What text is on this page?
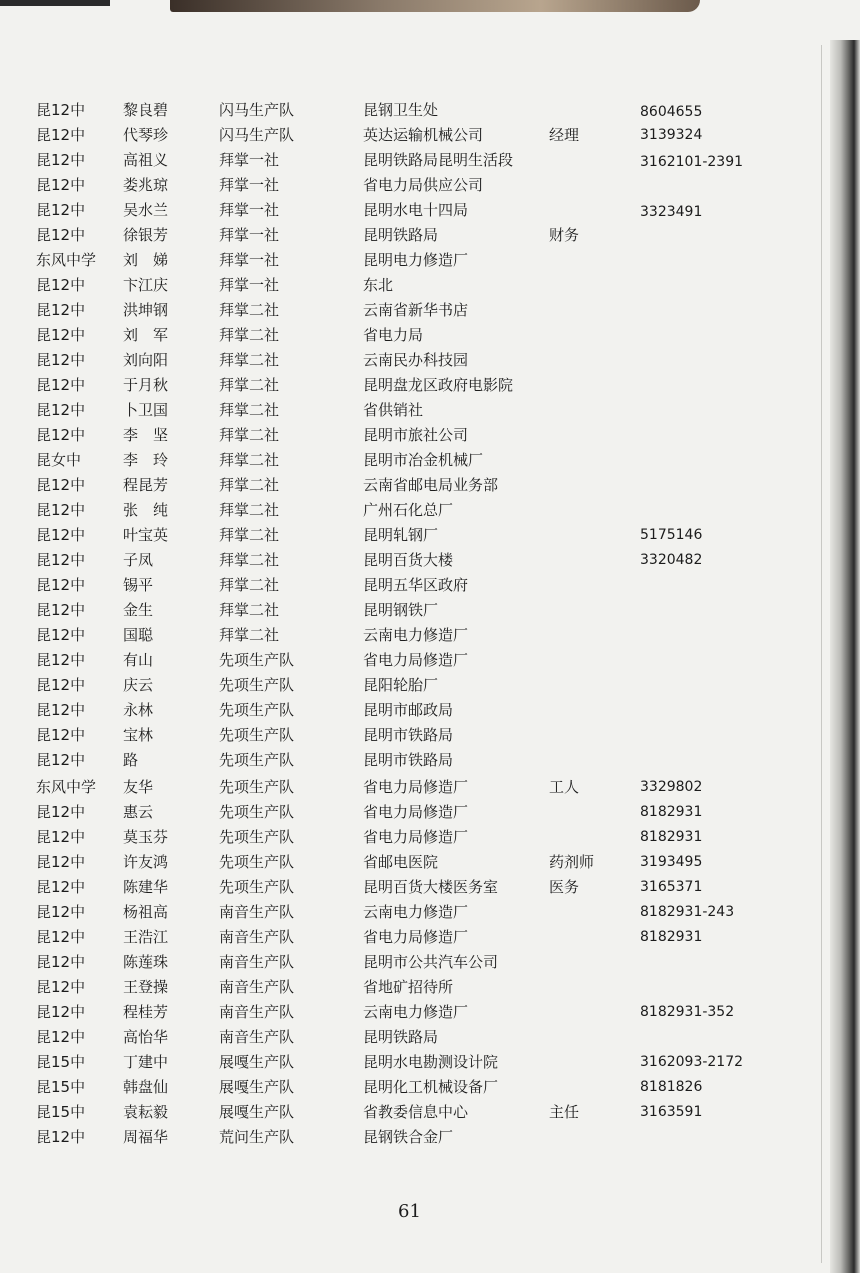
昆12中	黎良碧	闪马生产队	昆钢卫生处	8604655
昆12中	代琴珍	闪马生产队	英达运输机械公司	经理	3139324
昆12中	高祖义	拜掌一社	昆明铁路局昆明生活段	3162101-2391
昆12中	娄兆琼	拜掌一社	省电力局供应公司
昆12中	吴水兰	拜掌一社	昆明水电十四局	3323491
昆12中	徐银芳	拜掌一社	昆明铁路局	财务
东风中学 刘　娣	拜掌一社	昆明电力修造厂
昆12中	卞江庆	拜掌一社	东北
昆12中	洪坤钢	拜掌二社	云南省新华书店
昆12中	刘　军	拜掌二社	省电力局
昆12中	刘向阳	拜掌二社	云南民办科技园
昆12中	于月秋	拜掌二社	昆明盘龙区政府电影院
昆12中	卜卫国	拜掌二社	省供销社
昆12中	李　坚	拜掌二社	昆明市旅社公司
昆女中	李　玲	拜掌二社	昆明市冶金机械厂
昆12中	程昆芳	拜掌二社	云南省邮电局业务部
昆12中	张　纯	拜掌二社	广州石化总厂
昆12中	叶宝英	拜掌二社	昆明轧钢厂	5175146
昆12中	子凤	拜掌二社	昆明百货大楼	3320482
昆12中	锡平	拜掌二社	昆明五华区政府
昆12中	金生	拜掌二社	昆明钢铁厂
昆12中	国聪	拜掌二社	云南电力修造厂
昆12中	有山	先项生产队	省电力局修造厂
昆12中	庆云	先项生产队	昆阳轮胎厂
昆12中	永林	先项生产队	昆明市邮政局
昆12中	宝林	先项生产队	昆明市铁路局
昆12中	路	先项生产队	昆明市铁路局
东风中学 友华	先项生产队	省电力局修造厂	工人	3329802
昆12中	惠云	先项生产队	省电力局修造厂	8182931
昆12中	莫玉芬	先项生产队	省电力局修造厂	8182931
昆12中	许友鸿	先项生产队	省邮电医院	药剂师	3193495
昆12中	陈建华	先项生产队	昆明百货大楼医务室	医务	3165371
昆12中	杨祖高	南音生产队	云南电力修造厂	8182931-243
昆12中	王浩江	南音生产队	省电力局修造厂	8182931
昆12中	陈莲珠	南音生产队	昆明市公共汽车公司
昆12中	王登操	南音生产队	省地矿招待所
昆12中	程桂芳	南音生产队	云南电力修造厂	8182931-352
昆12中	高怡华	南音生产队	昆明铁路局
昆15中	丁建中	展嘎生产队	昆明水电勘测设计院	3162093-2172
昆15中	韩盘仙	展嘎生产队	昆明化工机械设备厂	8181826
昆15中	袁耘毅	展嘎生产队	省教委信息中心	主任	3163591
昆12中	周福华	荒问生产队	昆钢铁合金厂
61
